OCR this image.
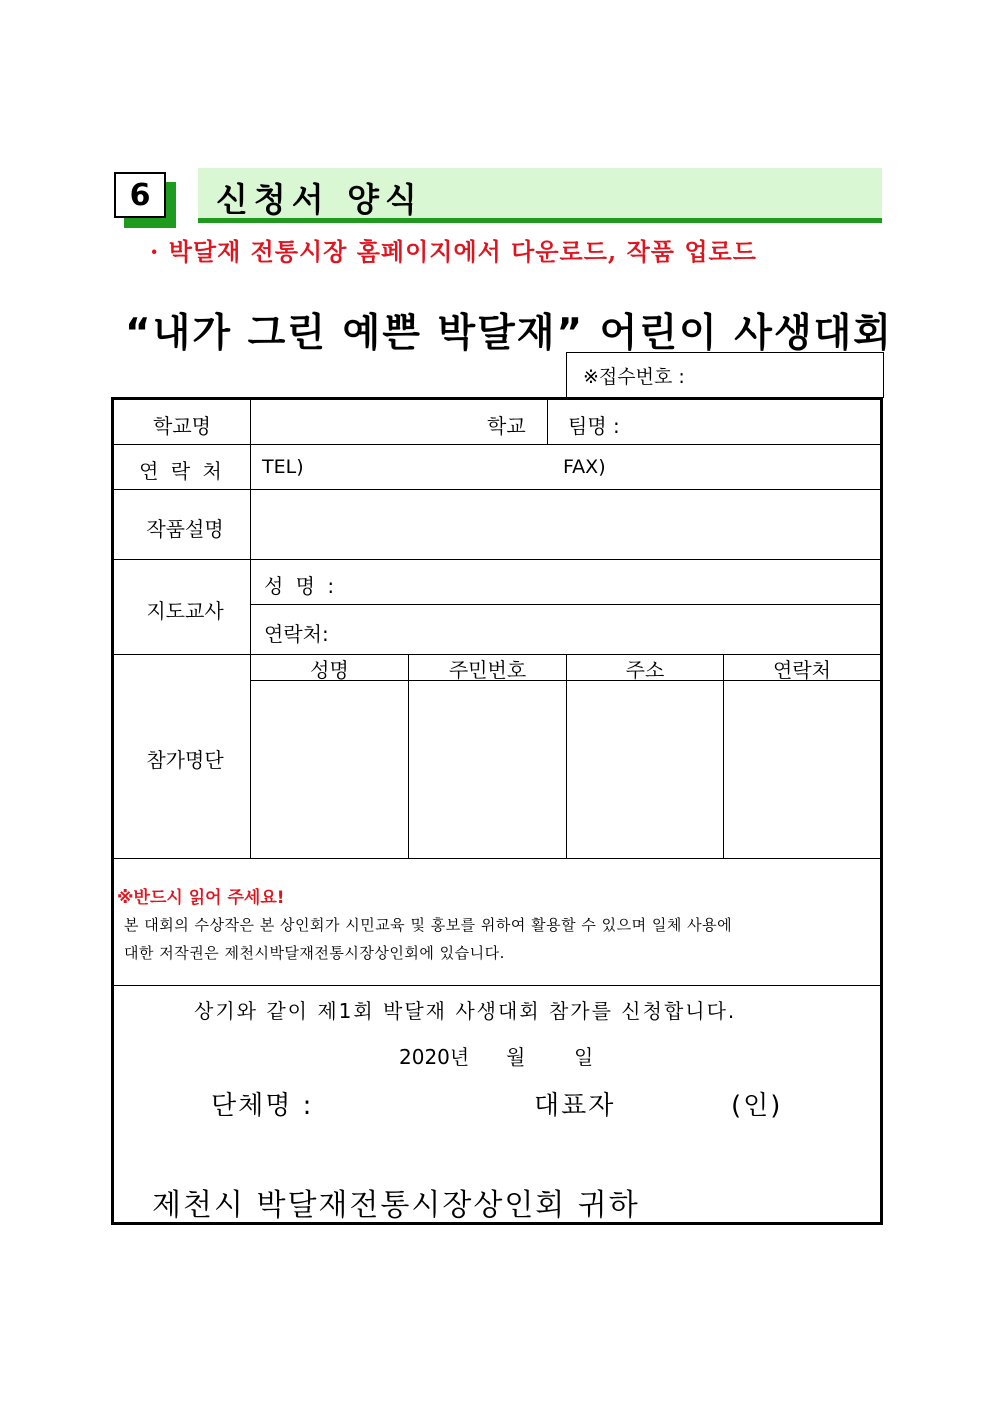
6	신청서 양식
· 박달재 전통시장 홈페이지에서 다운로드, 작품 업로드
“내가 그린 예쁜 박달재” 어린이 사생대회
※접수번호 :
학교명	학교 팀명 :
연 락 처	TEL)	FAX)
작품설명
지도교사
성 명 :
연락처:
참가명단
성명	주민번호	주소	연락처
※반드시 읽어 주세요!
본 대회의 수상작은 본 상인회가 시민교육 및 홍보를 위하여 활용할 수 있으며 일체 사용에
대한 저작권은 제천시박달재전통시장상인회에 있습니다.
상기와 같이 제1회 박달재 사생대회 참가를 신청합니다.
2020년 월 일
단체명 :	대표자	(인)
제천시 박달재전통시장상인회 귀하
